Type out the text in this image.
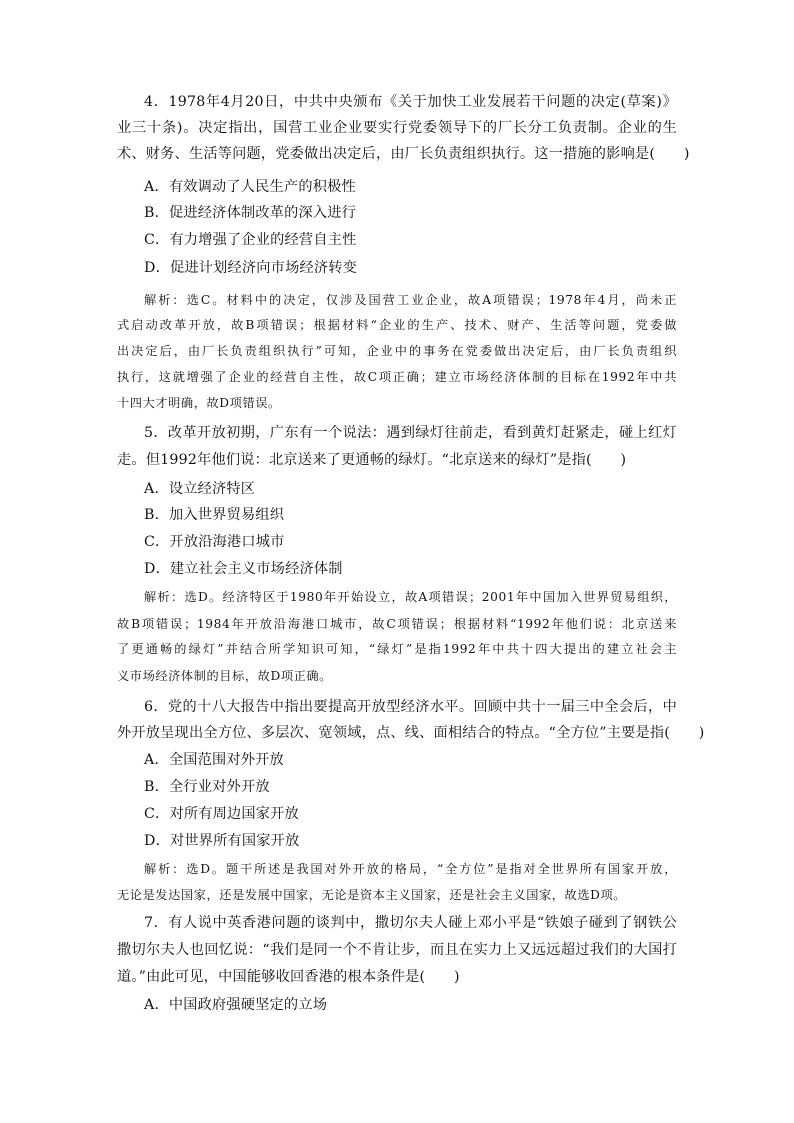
4．1978年4月20日，中共中央颁布《关于加快工业发展若干问题的决定(草案)》
业三十条)。决定指出，国营工业企业要实行党委领导下的厂长分工负责制。企业的生
术、财务、生活等问题，党委做出决定后，由厂长负责组织执行。这一措施的影响是(　　)
A．有效调动了人民生产的积极性
B．促进经济体制改革的深入进行
C．有力增强了企业的经营自主性
D．促进计划经济向市场经济转变
解析：选C。材料中的决定，仅涉及国营工业企业，故A项错误；1978年4月，尚未正
式启动改革开放，故B项错误；根据材料“企业的生产、技术、财产、生活等问题，党委做
出决定后，由厂长负责组织执行”可知，企业中的事务在党委做出决定后，由厂长负责组织
执行，这就增强了企业的经营自主性，故C项正确；建立市场经济体制的目标在1992年中共
十四大才明确，故D项错误。
5．改革开放初期，广东有一个说法：遇到绿灯往前走，看到黄灯赶紧走，碰上红灯
走。但1992年他们说：北京送来了更通畅的绿灯。“北京送来的绿灯”是指(　　)
A．设立经济特区
B．加入世界贸易组织
C．开放沿海港口城市
D．建立社会主义市场经济体制
解析：选D。经济特区于1980年开始设立，故A项错误；2001年中国加入世界贸易组织，
故B项错误；1984年开放沿海港口城市，故C项错误；根据材料“1992年他们说：北京送来
了更通畅的绿灯”并结合所学知识可知，“绿灯”是指1992年中共十四大提出的建立社会主
义市场经济体制的目标，故D项正确。
6．党的十八大报告中指出要提高开放型经济水平。回顾中共十一届三中全会后，中
外开放呈现出全方位、多层次、宽领域，点、线、面相结合的特点。“全方位”主要是指(　　)
A．全国范围对外开放
B．全行业对外开放
C．对所有周边国家开放
D．对世界所有国家开放
解析：选D。题干所述是我国对外开放的格局，“全方位”是指对全世界所有国家开放，
无论是发达国家，还是发展中国家，无论是资本主义国家，还是社会主义国家，故选D项。
7．有人说中英香港问题的谈判中，撒切尔夫人碰上邓小平是“铁娘子碰到了钢铁公
撒切尔夫人也回忆说：“我们是同一个不肯让步，而且在实力上又远远超过我们的大国打
道。”由此可见，中国能够收回香港的根本条件是(　　)
A．中国政府强硬坚定的立场
